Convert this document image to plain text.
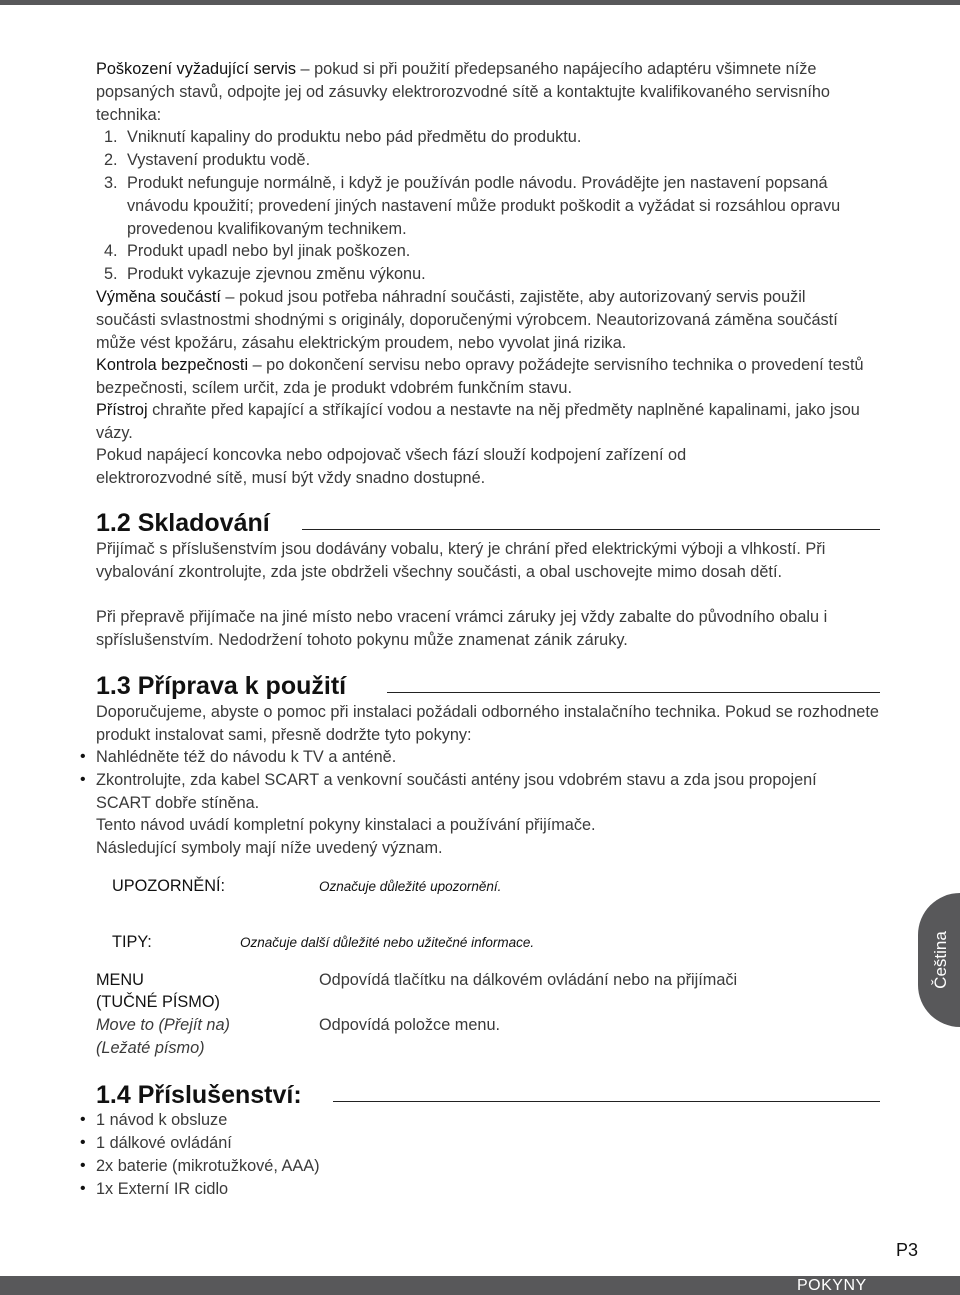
Poškození vyžadující servis – pokud si při použití předepsaného napájecího adaptéru všimnete níže popsaných stavů, odpojte jej od zásuvky elektrorozvodné sítě a kontaktujte kvalifikovaného servisního technika:

1. Vniknutí kapaliny do produktu nebo pád předmětu do produktu.

2. Vystavení produktu vodě.

3. Produkt nefunguje normálně, i když je používán podle návodu. Provádějte jen nastavení popsaná vnávodu kpoužití; provedení jiných nastavení může produkt poškodit a vyžádat si rozsáhlou opravu provedenou kvalifikovaným technikem.

4. Produkt upadl nebo byl jinak poškozen.

5. Produkt vykazuje zjevnou změnu výkonu.

Výměna součástí – pokud jsou potřeba náhradní součásti, zajistěte, aby autorizovaný servis použil součásti svlastnostmi shodnými s originály, doporučenými výrobcem. Neautorizovaná záměna součástí může vést kpožáru, zásahu elektrickým proudem, nebo vyvolat jiná rizika.

Kontrola bezpečnosti – po dokončení servisu nebo opravy požádejte servisního technika o provedení testů bezpečnosti, scílem určit, zda je produkt vdobrém funkčním stavu.

Přístroj chraňte před kapající a stříkající vodou a nestavte na něj předměty naplněné kapalinami, jako jsou vázy.

Pokud napájecí koncovka nebo odpojovač všech fází slouží kodpojení zařízení od elektrorozvodné sítě, musí být vždy snadno dostupné.

1.2 Skladování

Přijímač s příslušenstvím jsou dodávány vobalu, který je chrání před elektrickými výboji a vlhkostí. Při vybalování zkontrolujte, zda jste obdrželi všechny součásti, a obal uschovejte mimo dosah dětí.

Při přepravě přijímače na jiné místo nebo vracení vrámci záruky jej vždy zabalte do původního obalu i spříslušenstvím. Nedodržení tohoto pokynu může znamenat zánik záruky.

1.3 Příprava k použití

Doporučujeme, abyste o pomoc při instalaci požádali odborného instalačního technika. Pokud se rozhodnete produkt instalovat sami, přesně dodržte tyto pokyny:

• Nahlédněte též do návodu k TV a anténě.

• Zkontrolujte, zda kabel SCART a venkovní součásti antény jsou vdobrém stavu a zda jsou propojení SCART dobře stíněna.

Tento návod uvádí kompletní pokyny kinstalaci a používání přijímače.

Následující symboly mají níže uvedený význam.

UPOZORNĚNÍ:	Označuje důležité upozornění.
TIPY:	Označuje další důležité nebo užitečné informace.
MENU
(TUČNÉ PÍSMO)
Odpovídá tlačítku na dálkovém ovládání nebo na přijímači
Move to (Přejít na)
(Ležaté písmo)
Odpovídá položce menu.
1.4 Příslušenství:
• 1 návod k obsluze

• 1 dálkové ovládání

• 2x baterie (mikrotužkové, AAA)

• 1x Externí IR cidlo

Čeština
P3
POKYNY
